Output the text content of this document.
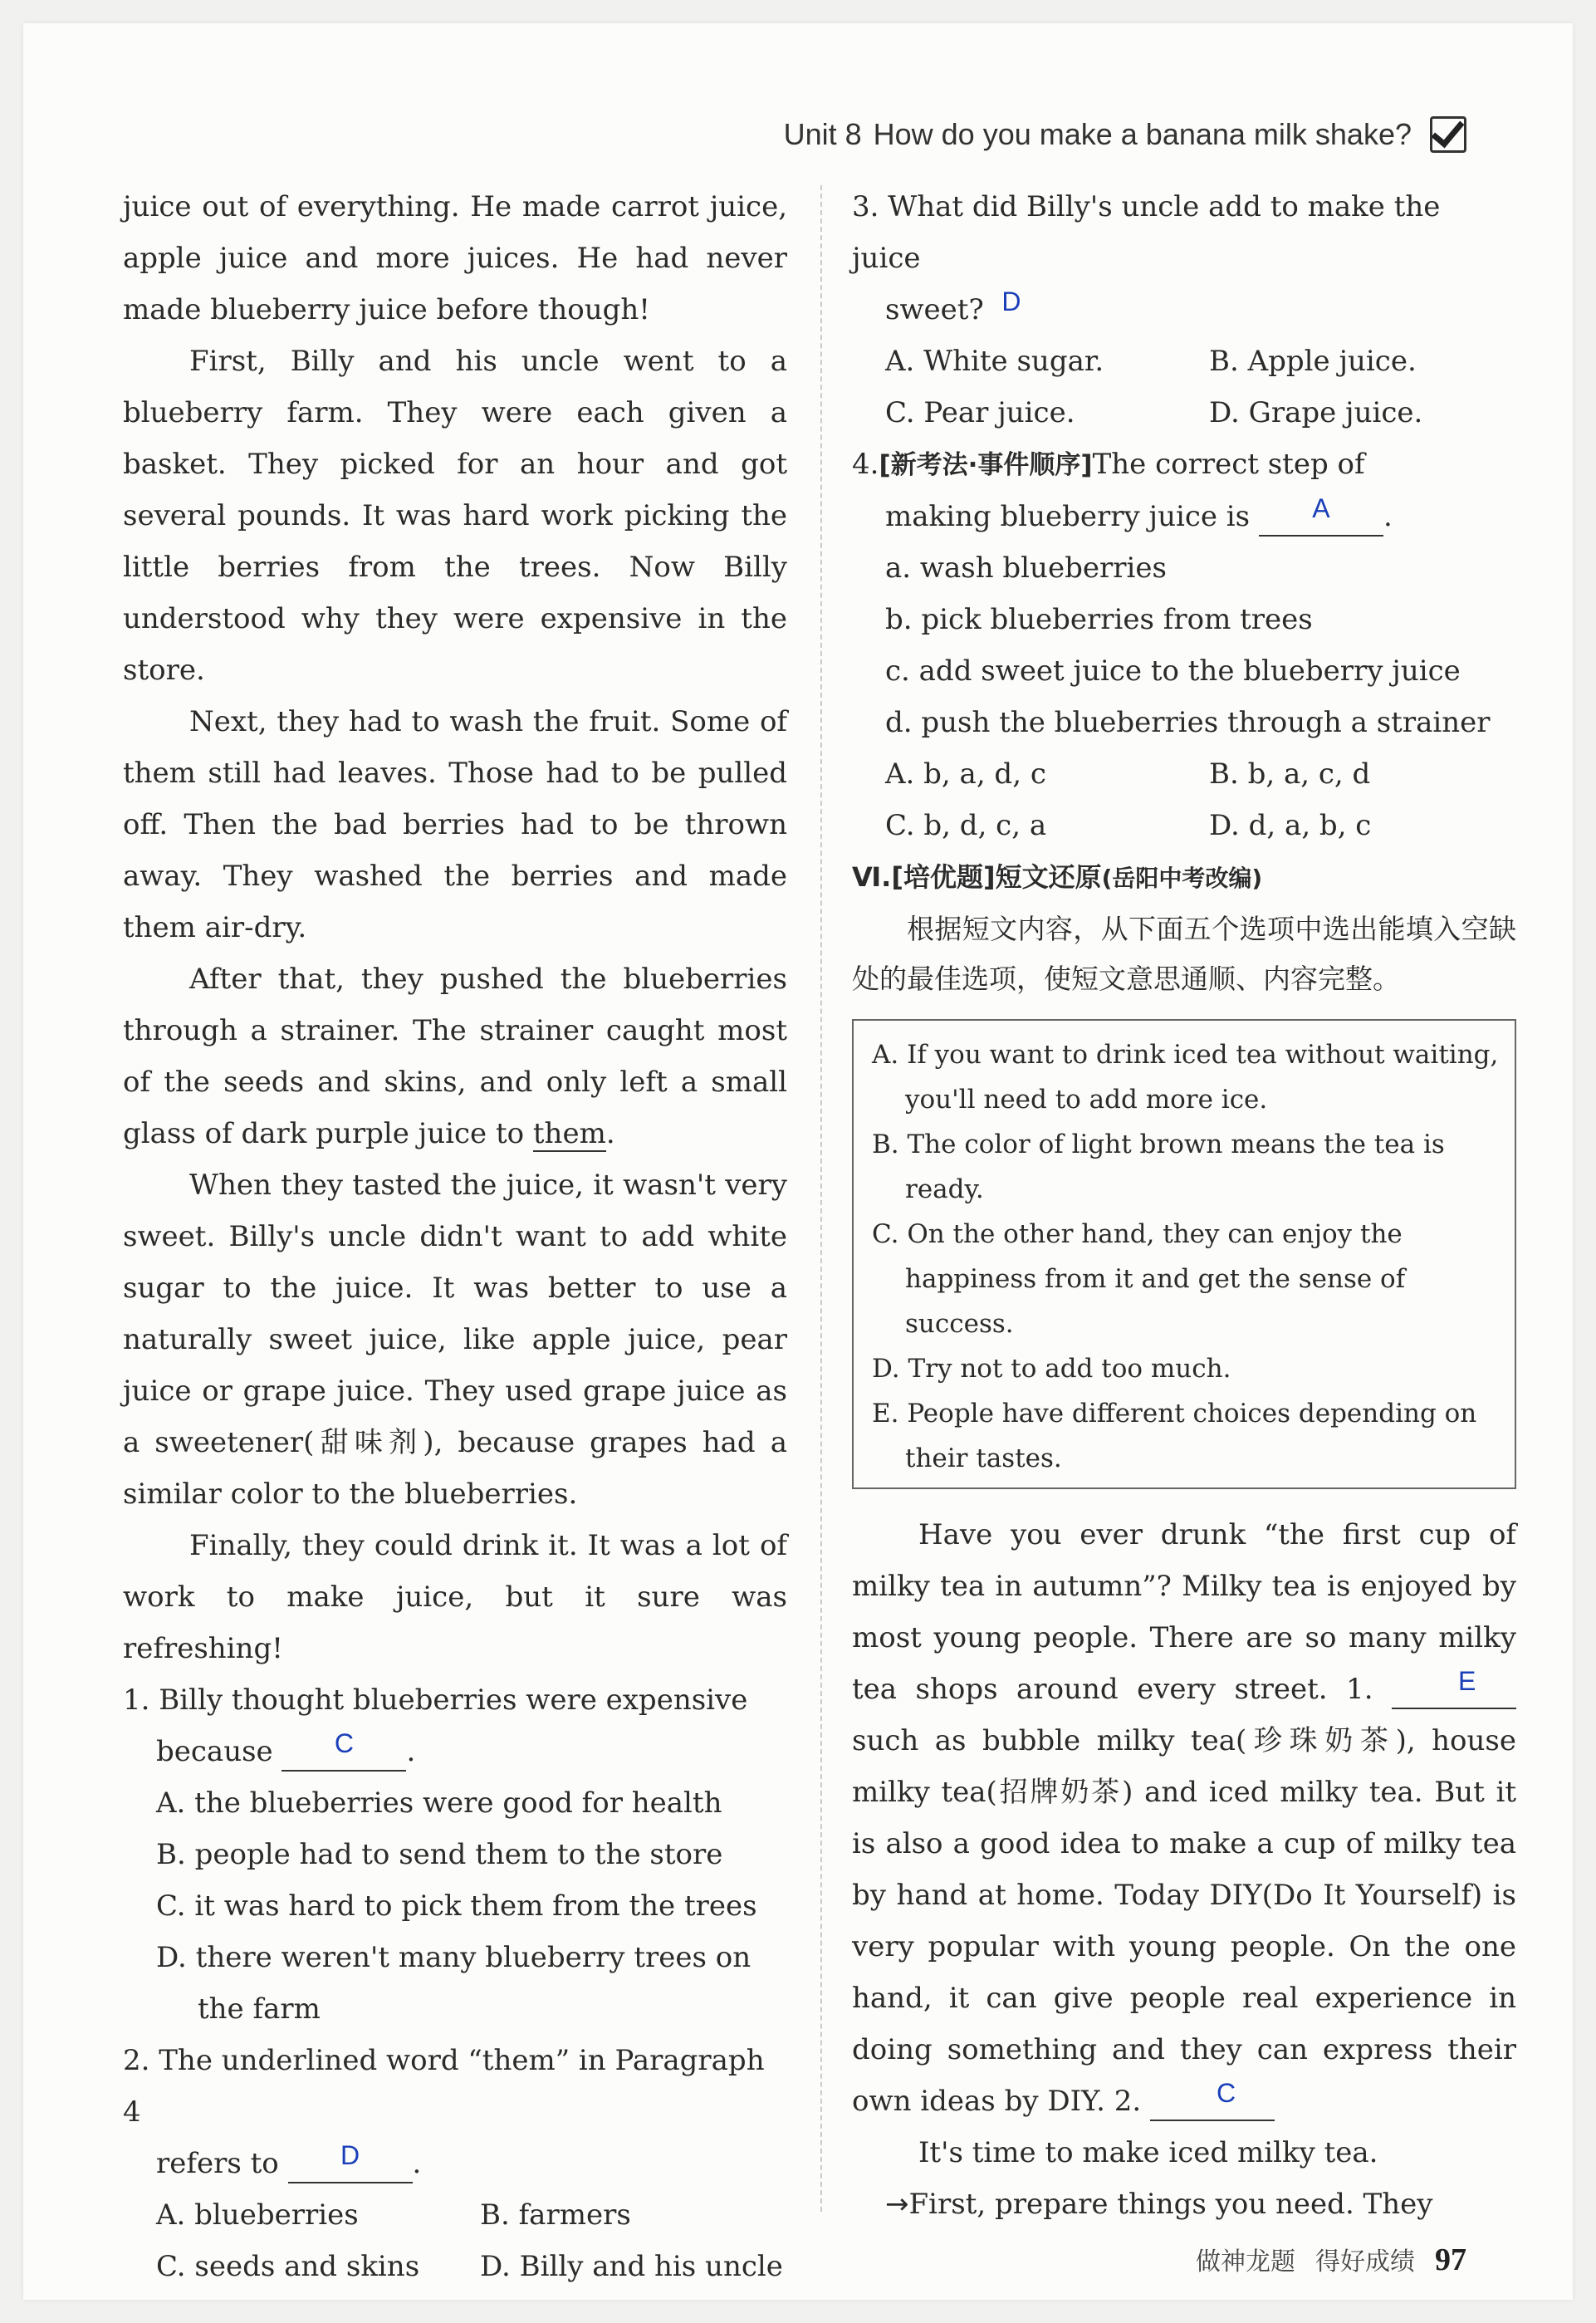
Unit 8 How do you make a banana milk shake?

juice out of everything. He made carrot juice, apple juice and more juices. He had never made blueberry juice before though!

First, Billy and his uncle went to a blueberry farm. They were each given a basket. They picked for an hour and got several pounds. It was hard work picking the little berries from the trees. Now Billy understood why they were expensive in the store.

Next, they had to wash the fruit. Some of them still had leaves. Those had to be pulled off. Then the bad berries had to be thrown away. They washed the berries and made them air-dry.

After that, they pushed the blueberries through a strainer. The strainer caught most of the seeds and skins, and only left a small glass of dark purple juice to them.

When they tasted the juice, it wasn't very sweet. Billy's uncle didn't want to add white sugar to the juice. It was better to use a naturally sweet juice, like apple juice, pear juice or grape juice. They used grape juice as a sweetener(甜味剂), because grapes had a similar color to the blueberries.

Finally, they could drink it. It was a lot of work to make juice, but it sure was refreshing!

1. Billy thought blueberries were expensive
because C .
A. the blueberries were good for health
B. people had to send them to the store
C. it was hard to pick them from the trees
D. there weren't many blueberry trees on
the farm
2. The underlined word “them” in Paragraph 4
refers to D .
A. blueberries	B. farmers
C. seeds and skins	D. Billy and his uncle
3. What did Billy's uncle add to make the juice
sweet? D
A. White sugar.	B. Apple juice.
C. Pear juice.	D. Grape juice.
4.[新考法·事件顺序]The correct step of
making blueberry juice is A .
a. wash blueberries
b. pick blueberries from trees
c. add sweet juice to the blueberry juice
d. push the blueberries through a strainer
A. b, a, d, c	B. b, a, c, d
C. b, d, c, a	D. d, a, b, c
Ⅵ.[培优题]短文还原(岳阳中考改编)

根据短文内容，从下面五个选项中选出能填入空缺处的最佳选项，使短文意思通顺、内容完整。

A. If you want to drink iced tea without waiting, you'll need to add more ice.
B. The color of light brown means the tea is ready.
C. On the other hand, they can enjoy the happiness from it and get the sense of success.
D. Try not to add too much.
E. People have different choices depending on their tastes.

Have you ever drunk “the first cup of milky tea in autumn”? Milky tea is enjoyed by most young people. There are so many milky tea shops around every street. 1.	E such as bubble milky tea(珍珠奶茶), house milky tea(招牌奶茶) and iced milky tea. But it is also a good idea to make a cup of milky tea by hand at home. Today DIY(Do It Yourself) is very popular with young people. On the one hand, it can give people real experience in doing something and they can express their own ideas by DIY. 2.	C

It's time to make iced milky tea.

→First, prepare things you need. They

做神龙题 得好成绩 97
